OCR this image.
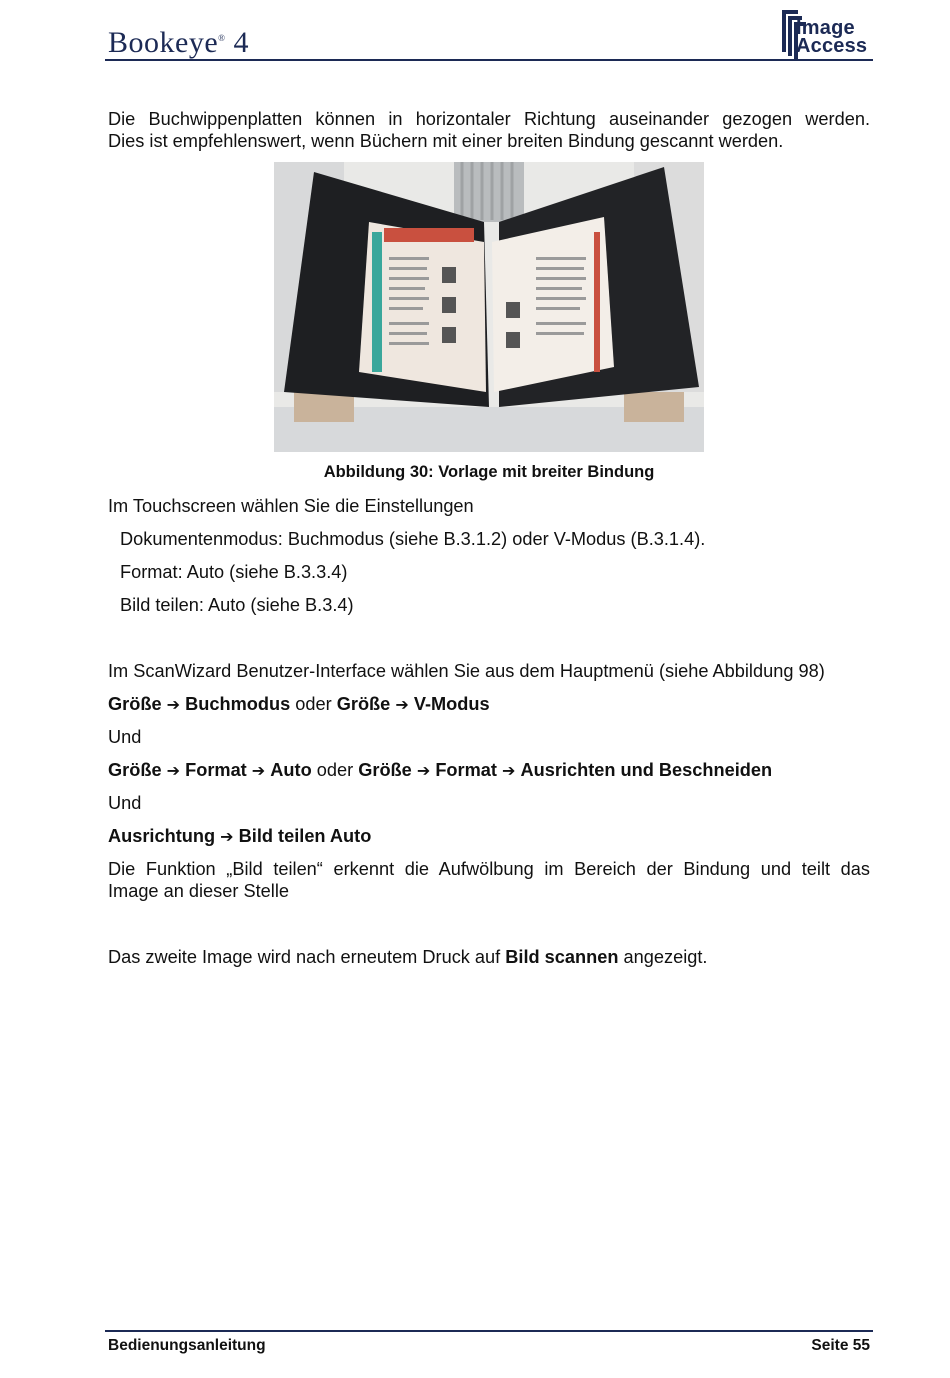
Bookeye® 4	Image
Access
Die Buchwippenplatten können in horizontaler Richtung auseinander gezogen werden.
Dies ist empfehlenswert, wenn Büchern mit einer breiten Bindung gescannt werden.
Abbildung 30: Vorlage mit breiter Bindung
Im Touchscreen wählen Sie die Einstellungen
Dokumentenmodus: Buchmodus (siehe B.3.1.2) oder V-Modus (B.3.1.4).
Format: Auto (siehe B.3.3.4)
Bild teilen: Auto (siehe B.3.4)
Im ScanWizard Benutzer-Interface wählen Sie aus dem Hauptmenü (siehe Abbildung 98)
Größe ➔ Buchmodus oder Größe ➔ V-Modus
Und
Größe ➔ Format ➔ Auto oder Größe ➔ Format ➔ Ausrichten und Beschneiden
Und
Ausrichtung ➔ Bild teilen Auto
Die Funktion „Bild teilen“ erkennt die Aufwölbung im Bereich der Bindung und teilt das
Image an dieser Stelle
Das zweite Image wird nach erneutem Druck auf Bild scannen angezeigt.
Bedienungsanleitung	Seite 55
